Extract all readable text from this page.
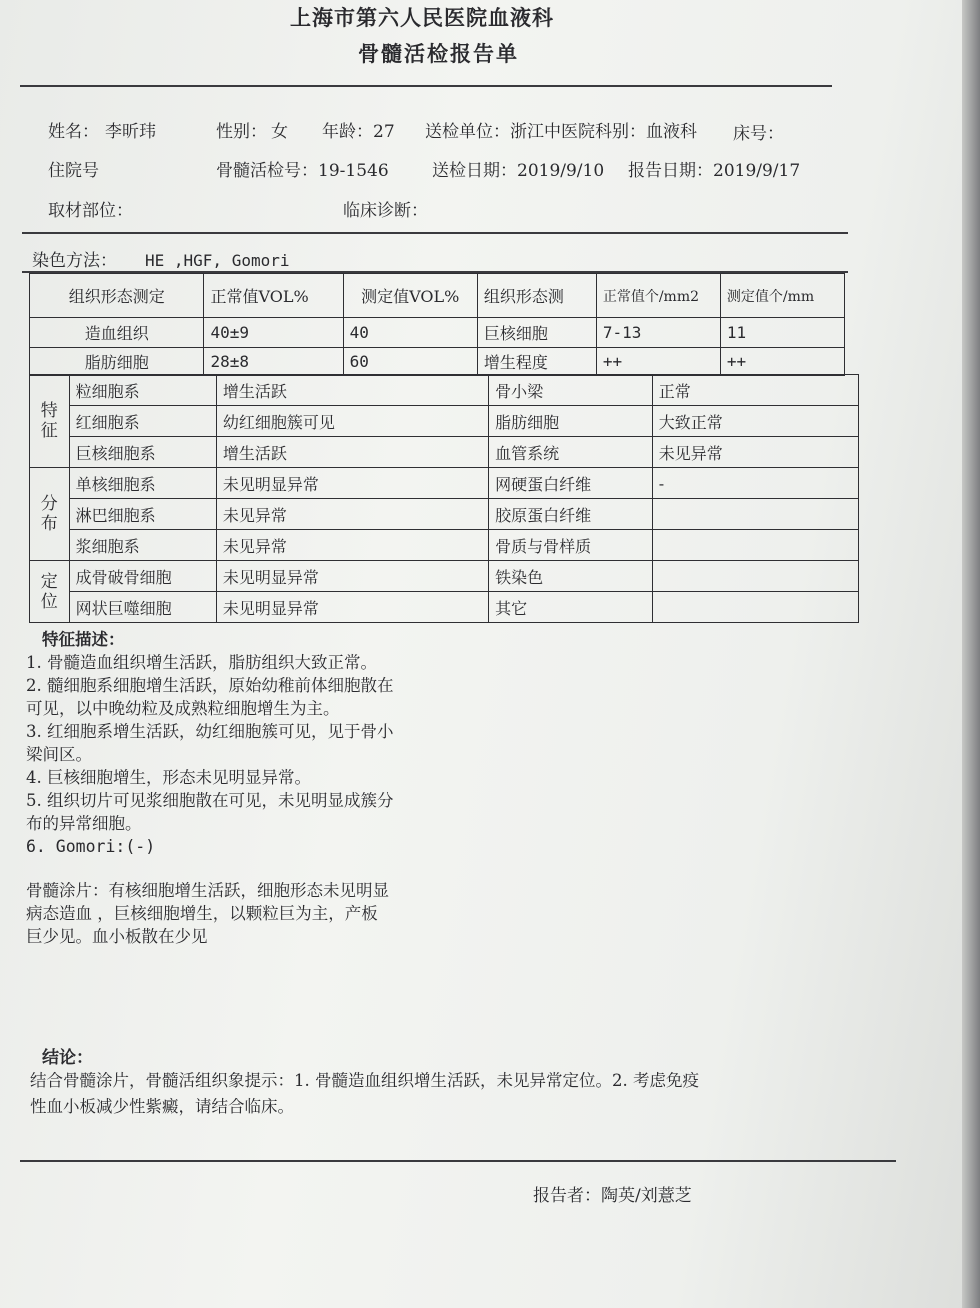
上海市第六人民医院血液科
骨髓活检报告单
姓名： 李昕玮	性别： 女 年龄：27 送检单位：浙江中医院科别：血液科 床号：
住院号	骨髓活检号：19-1546	送检日期：2019/9/10 报告日期：2019/9/17
取材部位：	临床诊断：
染色方法： HE ,HGF, Gomori
组织形态测定	正常值VOL%	测定值VOL%	组织形态测	正常值个/mm2	测定值个/mm
造血组织	40±9	40	巨核细胞	7-13	11
脂肪细胞	28±8	60	增生程度	++	++
特征	粒细胞系	增生活跃	骨小梁	正常
	红细胞系	幼红细胞簇可见	脂肪细胞	大致正常
	巨核细胞系	增生活跃	血管系统	未见异常
分布	单核细胞系	未见明显异常	网硬蛋白纤维	-
	淋巴细胞系	未见异常	胶原蛋白纤维	
	浆细胞系	未见异常	骨质与骨样质	
定位	成骨破骨细胞	未见明显异常	铁染色	
	网状巨噬细胞	未见明显异常	其它	
特征描述：
1. 骨髓造血组织增生活跃，脂肪组织大致正常。
2. 髓细胞系细胞增生活跃，原始幼稚前体细胞散在
可见，以中晚幼粒及成熟粒细胞增生为主。
3. 红细胞系增生活跃，幼红细胞簇可见，见于骨小
梁间区。
4. 巨核细胞增生，形态未见明显异常。
5. 组织切片可见浆细胞散在可见，未见明显成簇分
布的异常细胞。
6. Gomori:(-)
骨髓涂片：有核细胞增生活跃，细胞形态未见明显
病态造血 ，巨核细胞增生，以颗粒巨为主，产板
巨少见。血小板散在少见
结论：
结合骨髓涂片，骨髓活组织象提示：1. 骨髓造血组织增生活跃，未见异常定位。2. 考虑免疫
性血小板减少性紫癜，请结合临床。
报告者：陶英/刘薏芝
